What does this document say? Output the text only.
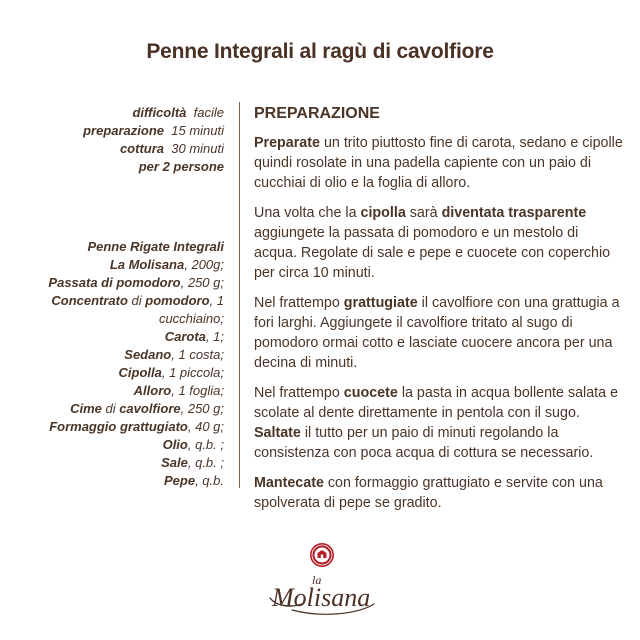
Penne Integrali al ragù di cavolfiore
difficoltà facile
preparazione 15 minuti
cottura 30 minuti
per 2 persone
Penne Rigate Integrali
La Molisana, 200g;
Passata di pomodoro, 250 g;
Concentrato di pomodoro, 1 cucchiaino;
Carota, 1;
Sedano, 1 costa;
Cipolla, 1 piccola;
Alloro, 1 foglia;
Cime di cavolfiore, 250 g;
Formaggio grattugiato, 40 g;
Olio, q.b. ;
Sale, q.b. ;
Pepe, q.b.
PREPARAZIONE

Preparate un trito piuttosto fine di carota, sedano e cipolle quindi rosolate in una padella capiente con un paio di cucchiai di olio e la foglia di alloro.

Una volta che la cipolla sarà diventata trasparente aggiungete la passata di pomodoro e un mestolo di acqua. Regolate di sale e pepe e cuocete con coperchio per circa 10 minuti.

Nel frattempo grattugiate il cavolfiore con una grattugia a fori larghi. Aggiungete il cavolfiore tritato al sugo di pomodoro ormai cotto e lasciate cuocere ancora per una decina di minuti.

Nel frattempo cuocete la pasta in acqua bollente salata e scolate al dente direttamente in pentola con il sugo. Saltate il tutto per un paio di minuti regolando la consistenza con poca acqua di cottura se necessario.

Mantecate con formaggio grattugiato e servite con una spolverata di pepe se gradito.

la
Molisana
